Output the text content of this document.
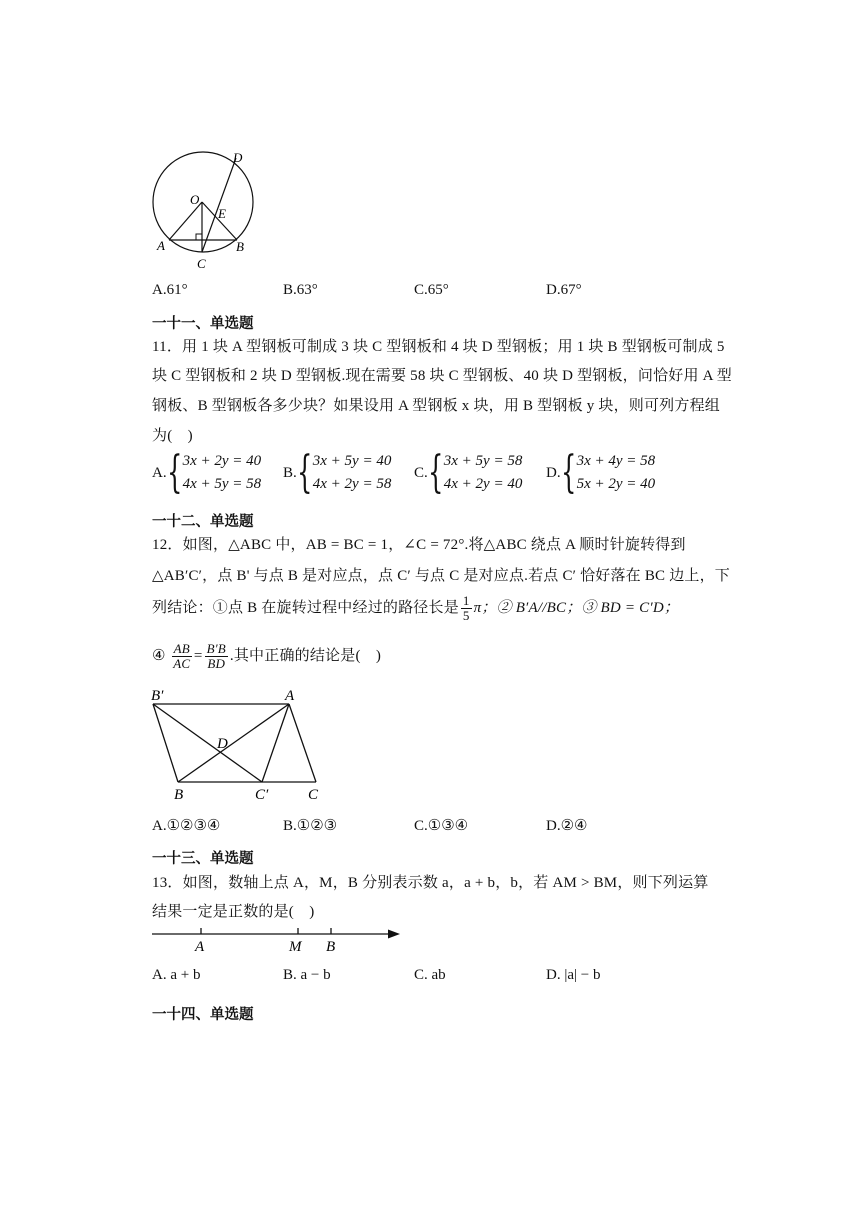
D
O
E
A	B
C
A.61°	B.63°	C.65°	D.67°
一十一、单选题
11．用 1 块 A 型钢板可制成 3 块 C 型钢板和 4 块 D 型钢板；用 1 块 B 型钢板可制成 5
块 C 型钢板和 2 块 D 型钢板.现在需要 58 块 C 型钢板、40 块 D 型钢板，问恰好用 A 型
钢板、B 型钢板各多少块？如果设用 A 型钢板 x 块，用 B 型钢板 y 块，则可列方程组
为(　)
A. { 3x + 2y = 40
4x + 5y = 58
B. { 3x + 5y = 40
4x + 2y = 58
C. { 3x + 5y = 58
4x + 2y = 40
D. { 3x + 4y = 58
5x + 2y = 40
一十二、单选题
12．如图，△ABC 中，AB = BC = 1，∠C = 72°.将△ABC 绕点 A 顺时针旋转得到
△AB′C′，点 B' 与点 B 是对应点，点 C′ 与点 C 是对应点.若点 C′ 恰好落在 BC 边上，下
列结论：①点 B 在旋转过程中经过的路径长是 $\frac{1}{5}$ π；② B′A//BC；③ BD = C′D；
④ $\frac{AB}{AC} = \frac{B'B}{BD}$ .其中正确的结论是(　)
B′	A
D
B	C′	C
A.①②③④	B.①②③	C.①③④	D.②④
一十三、单选题
13．如图，数轴上点 A，M，B 分别表示数 a，a + b，b，若 AM > BM，则下列运算
结果一定是正数的是(　)
A	M B
A. a + b	B. a − b	C. ab	D. |a| − b
一十四、单选题
